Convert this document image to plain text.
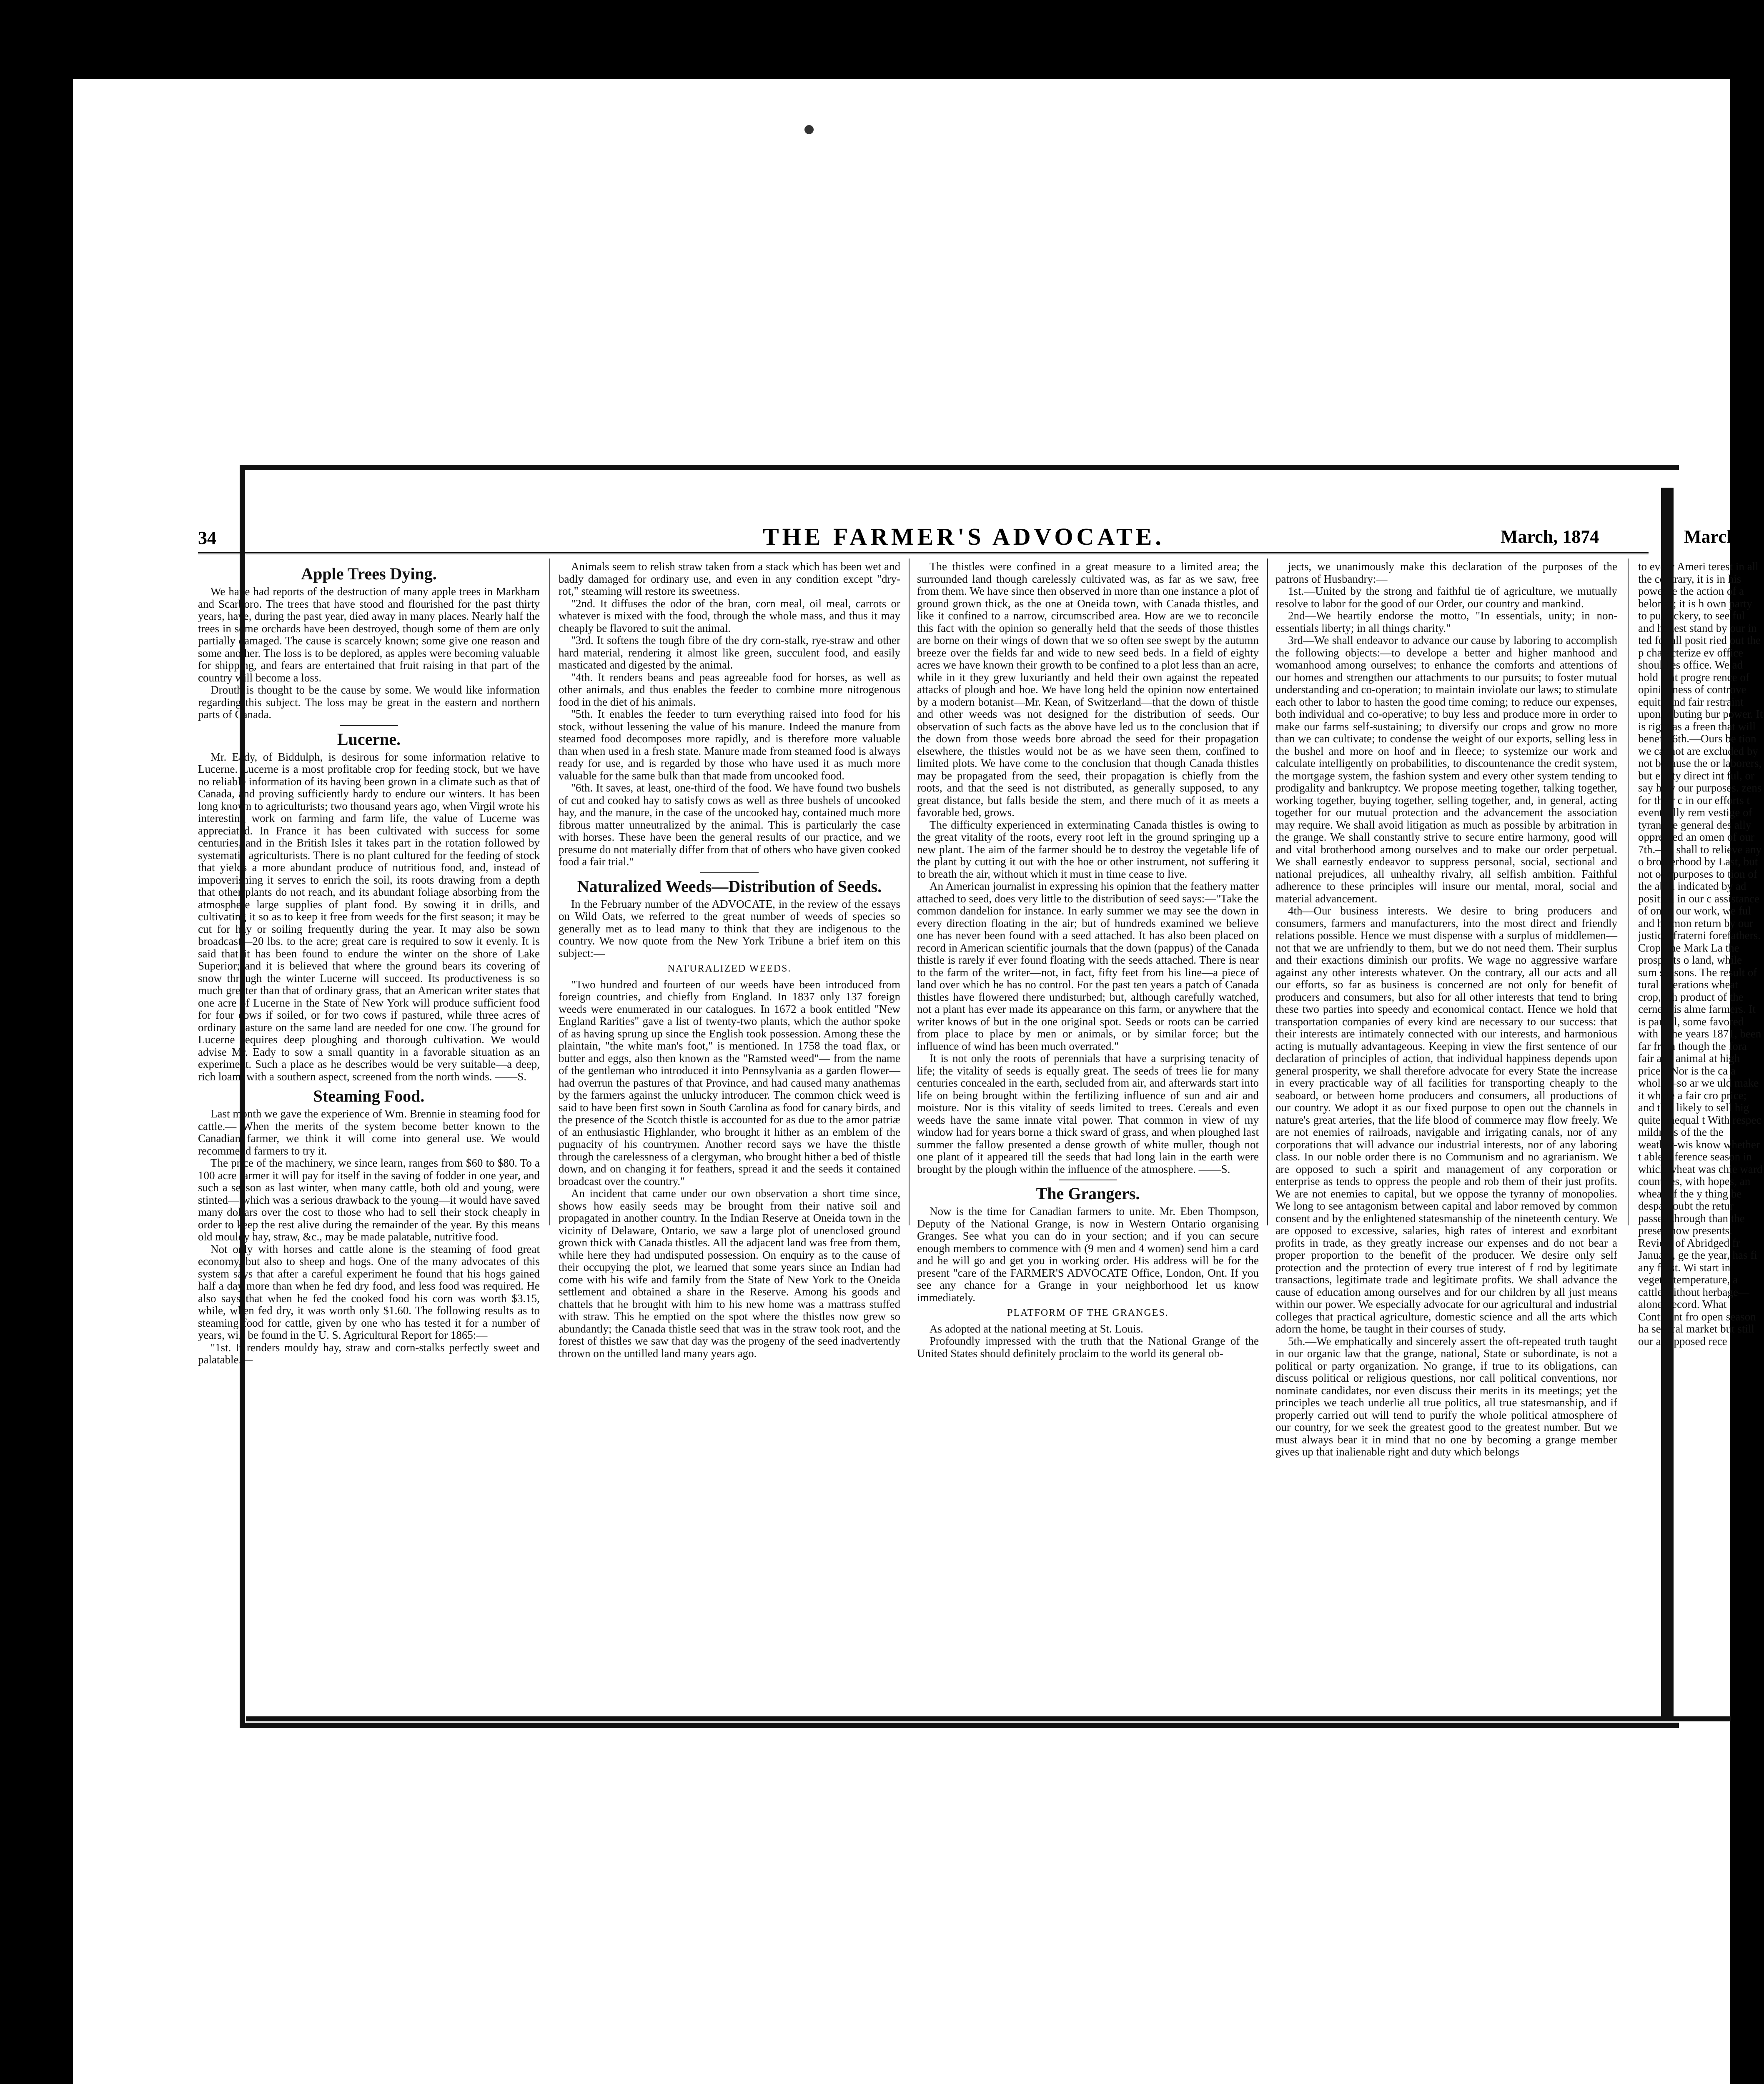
34	THE FARMER'S ADVOCATE.	March, 1874	March, 1
Apple Trees Dying.

We have had reports of the destruction of many apple trees in Markham and Scarboro. The trees that have stood and flourished for the past thirty years, have, during the past year, died away in many places. Nearly half the trees in some orchards have been destroyed, though some of them are only partially damaged. The cause is scarcely known; some give one reason and some another. The loss is to be deplored, as apples were becoming valuable for shipping, and fears are entertained that fruit raising in that part of the country will become a loss.

Drouth is thought to be the cause by some. We would like information regarding this subject. The loss may be great in the eastern and northern parts of Canada.

Lucerne.

Mr. Eady, of Biddulph, is desirous for some information relative to Lucerne. Lucerne is a most profitable crop for feeding stock, but we have no reliable information of its having been grown in a climate such as that of Canada, and proving sufficiently hardy to endure our winters. It has been long known to agriculturists; two thousand years ago, when Virgil wrote his interesting work on farming and farm life, the value of Lucerne was appreciated. In France it has been cultivated with success for some centuries, and in the British Isles it takes part in the rotation followed by systematic agriculturists. There is no plant cultured for the feeding of stock that yields a more abundant produce of nutritious food, and, instead of impoverishing it serves to enrich the soil, its roots drawing from a depth that other plants do not reach, and its abundant foliage absorbing from the atmosphere large supplies of plant food. By sowing it in drills, and cultivating it so as to keep it free from weeds for the first season; it may be cut for hay or soiling frequently during the year. It may also be sown broadcast—20 lbs. to the acre; great care is required to sow it evenly. It is said that it has been found to endure the winter on the shore of Lake Superior; and it is believed that where the ground bears its covering of snow through the winter Lucerne will succeed. Its productiveness is so much greater than that of ordinary grass, that an American writer states that one acre of Lucerne in the State of New York will produce sufficient food for four cows if soiled, or for two cows if pastured, while three acres of ordinary pasture on the same land are needed for one cow. The ground for Lucerne requires deep ploughing and thorough cultivation. We would advise Mr. Eady to sow a small quantity in a favorable situation as an experiment. Such a place as he describes would be very suitable—a deep, rich loam, with a southern aspect, screened from the north winds. ——S.

Steaming Food.

Last month we gave the experience of Wm. Brennie in steaming food for cattle.— When the merits of the system become better known to the Canadian farmer, we think it will come into general use. We would recommend farmers to try it.

The price of the machinery, we since learn, ranges from $60 to $80. To a 100 acre farmer it will pay for itself in the saving of fodder in one year, and such a season as last winter, when many cattle, both old and young, were stinted— which was a serious drawback to the young—it would have saved many dollars over the cost to those who had to sell their stock cheaply in order to keep the rest alive during the remainder of the year. By this means old mouldy hay, straw, &c., may be made palatable, nutritive food.

Not only with horses and cattle alone is the steaming of food great economy, but also to sheep and hogs. One of the many advocates of this system says that after a careful experiment he found that his hogs gained half a day more than when he fed dry food, and less food was required. He also says that when he fed the cooked food his corn was worth $3.15, while, when fed dry, it was worth only $1.60. The following results as to steaming food for cattle, given by one who has tested it for a number of years, will be found in the U. S. Agricultural Report for 1865:—

"1st. It renders mouldy hay, straw and corn-stalks perfectly sweet and palatable.—

Animals seem to relish straw taken from a stack which has been wet and badly damaged for ordinary use, and even in any condition except "dry-rot," steaming will restore its sweetness.

"2nd. It diffuses the odor of the bran, corn meal, oil meal, carrots or whatever is mixed with the food, through the whole mass, and thus it may cheaply be flavored to suit the animal.

"3rd. It softens the tough fibre of the dry corn-stalk, rye-straw and other hard material, rendering it almost like green, succulent food, and easily masticated and digested by the animal.

"4th. It renders beans and peas agreeable food for horses, as well as other animals, and thus enables the feeder to combine more nitrogenous food in the diet of his animals.

"5th. It enables the feeder to turn everything raised into food for his stock, without lessening the value of his manure. Indeed the manure from steamed food decomposes more rapidly, and is therefore more valuable than when used in a fresh state. Manure made from steamed food is always ready for use, and is regarded by those who have used it as much more valuable for the same bulk than that made from uncooked food.

"6th. It saves, at least, one-third of the food. We have found two bushels of cut and cooked hay to satisfy cows as well as three bushels of uncooked hay, and the manure, in the case of the uncooked hay, contained much more fibrous matter unneutralized by the animal. This is particularly the case with horses. These have been the general results of our practice, and we presume do not materially differ from that of others who have given cooked food a fair trial."

Naturalized Weeds—Distribution of Seeds.

In the February number of the ADVOCATE, in the review of the essays on Wild Oats, we referred to the great number of weeds of species so generally met as to lead many to think that they are indigenous to the country. We now quote from the New York Tribune a brief item on this subject:—

NATURALIZED WEEDS.

"Two hundred and fourteen of our weeds have been introduced from foreign countries, and chiefly from England. In 1837 only 137 foreign weeds were enumerated in our catalogues. In 1672 a book entitled "New England Rarities" gave a list of twenty-two plants, which the author spoke of as having sprung up since the English took possession. Among these the plaintain, "the white man's foot," is mentioned. In 1758 the toad flax, or butter and eggs, also then known as the "Ramsted weed"— from the name of the gentleman who introduced it into Pennsylvania as a garden flower—had overrun the pastures of that Province, and had caused many anathemas by the farmers against the unlucky introducer. The common chick weed is said to have been first sown in South Carolina as food for canary birds, and the presence of the Scotch thistle is accounted for as due to the amor patriæ of an enthusiastic Highlander, who brought it hither as an emblem of the pugnacity of his countrymen. Another record says we have the thistle through the carelessness of a clergyman, who brought hither a bed of thistle down, and on changing it for feathers, spread it and the seeds it contained broadcast over the country."

An incident that came under our own observation a short time since, shows how easily seeds may be brought from their native soil and propagated in another country. In the Indian Reserve at Oneida town in the vicinity of Delaware, Ontario, we saw a large plot of unenclosed ground grown thick with Canada thistles. All the adjacent land was free from them, while here they had undisputed possession. On enquiry as to the cause of their occupying the plot, we learned that some years since an Indian had come with his wife and family from the State of New York to the Oneida settlement and obtained a share in the Reserve. Among his goods and chattels that he brought with him to his new home was a mattrass stuffed with straw. This he emptied on the spot where the thistles now grew so abundantly; the Canada thistle seed that was in the straw took root, and the forest of thistles we saw that day was the progeny of the seed inadvertently thrown on the untilled land many years ago.

The thistles were confined in a great measure to a limited area; the surrounded land though carelessly cultivated was, as far as we saw, free from them. We have since then observed in more than one instance a plot of ground grown thick, as the one at Oneida town, with Canada thistles, and like it confined to a narrow, circumscribed area. How are we to reconcile this fact with the opinion so generally held that the seeds of those thistles are borne on their wings of down that we so often see swept by the autumn breeze over the fields far and wide to new seed beds. In a field of eighty acres we have known their growth to be confined to a plot less than an acre, while in it they grew luxuriantly and held their own against the repeated attacks of plough and hoe. We have long held the opinion now entertained by a modern botanist—Mr. Kean, of Switzerland—that the down of thistle and other weeds was not designed for the distribution of seeds. Our observation of such facts as the above have led us to the conclusion that if the down from those weeds bore abroad the seed for their propagation elsewhere, the thistles would not be as we have seen them, confined to limited plots. We have come to the conclusion that though Canada thistles may be propagated from the seed, their propagation is chiefly from the roots, and that the seed is not distributed, as generally supposed, to any great distance, but falls beside the stem, and there much of it as meets a favorable bed, grows.

The difficulty experienced in exterminating Canada thistles is owing to the great vitality of the roots, every root left in the ground springing up a new plant. The aim of the farmer should be to destroy the vegetable life of the plant by cutting it out with the hoe or other instrument, not suffering it to breath the air, without which it must in time cease to live.

An American journalist in expressing his opinion that the feathery matter attached to seed, does very little to the distribution of seed says:—"Take the common dandelion for instance. In early summer we may see the down in every direction floating in the air; but of hundreds examined we believe one has never been found with a seed attached. It has also been placed on record in American scientific journals that the down (pappus) of the Canada thistle is rarely if ever found floating with the seeds attached. There is near to the farm of the writer—not, in fact, fifty feet from his line—a piece of land over which he has no control. For the past ten years a patch of Canada thistles have flowered there undisturbed; but, although carefully watched, not a plant has ever made its appearance on this farm, or anywhere that the writer knows of but in the one original spot. Seeds or roots can be carried from place to place by men or animals, or by similar force; but the influence of wind has been much overrated."

It is not only the roots of perennials that have a surprising tenacity of life; the vitality of seeds is equally great. The seeds of trees lie for many centuries concealed in the earth, secluded from air, and afterwards start into life on being brought within the fertilizing influence of sun and air and moisture. Nor is this vitality of seeds limited to trees. Cereals and even weeds have the same innate vital power. That common in view of my window had for years borne a thick sward of grass, and when ploughed last summer the fallow presented a dense growth of white muller, though not one plant of it appeared till the seeds that had long lain in the earth were brought by the plough within the influence of the atmosphere. ——S.

The Grangers.

Now is the time for Canadian farmers to unite. Mr. Eben Thompson, Deputy of the National Grange, is now in Western Ontario organising Granges. See what you can do in your section; and if you can secure enough members to commence with (9 men and 4 women) send him a card and he will go and get you in working order. His address will be for the present "care of the FARMER'S ADVOCATE Office, London, Ont. If you see any chance for a Grange in your neighborhood let us know immediately.

PLATFORM OF THE GRANGES.

As adopted at the national meeting at St. Louis.

Profoundly impressed with the truth that the National Grange of the United States should definitely proclaim to the world its general ob-

jects, we unanimously make this declaration of the purposes of the patrons of Husbandry:—

1st.—United by the strong and faithful tie of agriculture, we mutually resolve to labor for the good of our Order, our country and mankind.

2nd—We heartily endorse the motto, "In essentials, unity; in non-essentials liberty; in all things charity."

3rd—We shall endeavor to advance our cause by laboring to accomplish the following objects:—to develope a better and higher manhood and womanhood among ourselves; to enhance the comforts and attentions of our homes and strengthen our attachments to our pursuits; to foster mutual understanding and co-operation; to maintain inviolate our laws; to stimulate each other to labor to hasten the good time coming; to reduce our expenses, both individual and co-operative; to buy less and produce more in order to make our farms self-sustaining; to diversify our crops and grow no more than we can cultivate; to condense the weight of our exports, selling less in the bushel and more on hoof and in fleece; to systemize our work and calculate intelligently on probabilities, to discountenance the credit system, the mortgage system, the fashion system and every other system tending to prodigality and bankruptcy. We propose meeting together, talking together, working together, buying together, selling together, and, in general, acting together for our mutual protection and the advancement the association may require. We shall avoid litigation as much as possible by arbitration in the grange. We shall constantly strive to secure entire harmony, good will and vital brotherhood among ourselves and to make our order perpetual. We shall earnestly endeavor to suppress personal, social, sectional and national prejudices, all unhealthy rivalry, all selfish ambition. Faithful adherence to these principles will insure our mental, moral, social and material advancement.

4th—Our business interests. We desire to bring producers and consumers, farmers and manufacturers, into the most direct and friendly relations possible. Hence we must dispense with a surplus of middlemen—not that we are unfriendly to them, but we do not need them. Their surplus and their exactions diminish our profits. We wage no aggressive warfare against any other interests whatever. On the contrary, all our acts and all our efforts, so far as business is concerned are not only for benefit of producers and consumers, but also for all other interests that tend to bring these two parties into speedy and economical contact. Hence we hold that transportation companies of every kind are necessary to our success: that their interests are intimately connected with our interests, and harmonious acting is mutually advantageous. Keeping in view the first sentence of our declaration of principles of action, that individual happiness depends upon general prosperity, we shall therefore advocate for every State the increase in every practicable way of all facilities for transporting cheaply to the seaboard, or between home producers and consumers, all productions of our country. We adopt it as our fixed purpose to open out the channels in nature's great arteries, that the life blood of commerce may flow freely. We are not enemies of railroads, navigable and irrigating canals, nor of any corporations that will advance our industrial interests, nor of any laboring class. In our noble order there is no Communism and no agrarianism. We are opposed to such a spirit and management of any corporation or enterprise as tends to oppress the people and rob them of their just profits. We are not enemies to capital, but we oppose the tyranny of monopolies. We long to see antagonism between capital and labor removed by common consent and by the enlightened statesmanship of the nineteenth century. We are opposed to excessive, salaries, high rates of interest and exorbitant profits in trade, as they greatly increase our expenses and do not bear a proper proportion to the benefit of the producer. We desire only self protection and the protection of every true interest of f rod by legitimate transactions, legitimate trade and legitimate profits. We shall advance the cause of education among ourselves and for our children by all just means within our power. We especially advocate for our agricultural and industrial colleges that practical agriculture, domestic science and all the arts which adorn the home, be taught in their courses of study.

5th.—We emphatically and sincerely assert the oft-repeated truth taught in our organic law that the grange, national, State or subordinate, is not a political or party organization. No grange, if true to its obligations, can discuss political or religious questions, nor call political conventions, nor nominate candidates, nor even discuss their merits in its meetings; yet the principles we teach underlie all true politics, all true statesmanship, and if properly carried out will tend to purify the whole political atmosphere of our country, for we seek the greatest good to the greatest number. But we must always bear it in mind that no one by becoming a grange member gives up that inalienable right and duty which belongs

to every Ameri terest in all the contrary, it is in his power le the action of a belongs; it is h own party to pu trickery, to see ful and honest stand by our in ted for all posit ried out the p characterize ev office should es office. We ad hold that progre rence of opini n ness of controve equity and fair restraint upon tributing bur power. It is right as a freen that will benefit 6th.—Ours be tion we cannot are excluded by not because the or laborers, but entity direct int ful, or say how our purposes. zens for their c in our efforts t eventually rem vestige of tyran the general des ally oppressed an omen of our 7th.—It shall to relieve any o brotherhood by Last, but not our purposes to tion of the abili indicated by ad position in our c assistance of on in our work, we ful and harmon return by our justice, fraterni forefathers. Crop The Mark La the prospects o land, while sum seasons. The result of tural operations wheat crop, wh product of the cerned, is alme farmers. It is partial, some favored with a the years 1871, been far from though the fora fair and animal at high prices. Nor is the ca a whole—so ar we uld make it whole a fair cro price; and this likely to sell hig quite unequal t With respec mildness of the the weather-wis know whether t able inference season in which wheat was chie ward countries, with hopes, an wheat of the y thing be despai loubt the retur passed through than the presen now presents. Review of Abridged fr January, ge the year, has fi any frost. Wi start in vegetat temperature, a cattle without herbage—alone, record. What Continent fro open season ha several market but still our a supposed rece
